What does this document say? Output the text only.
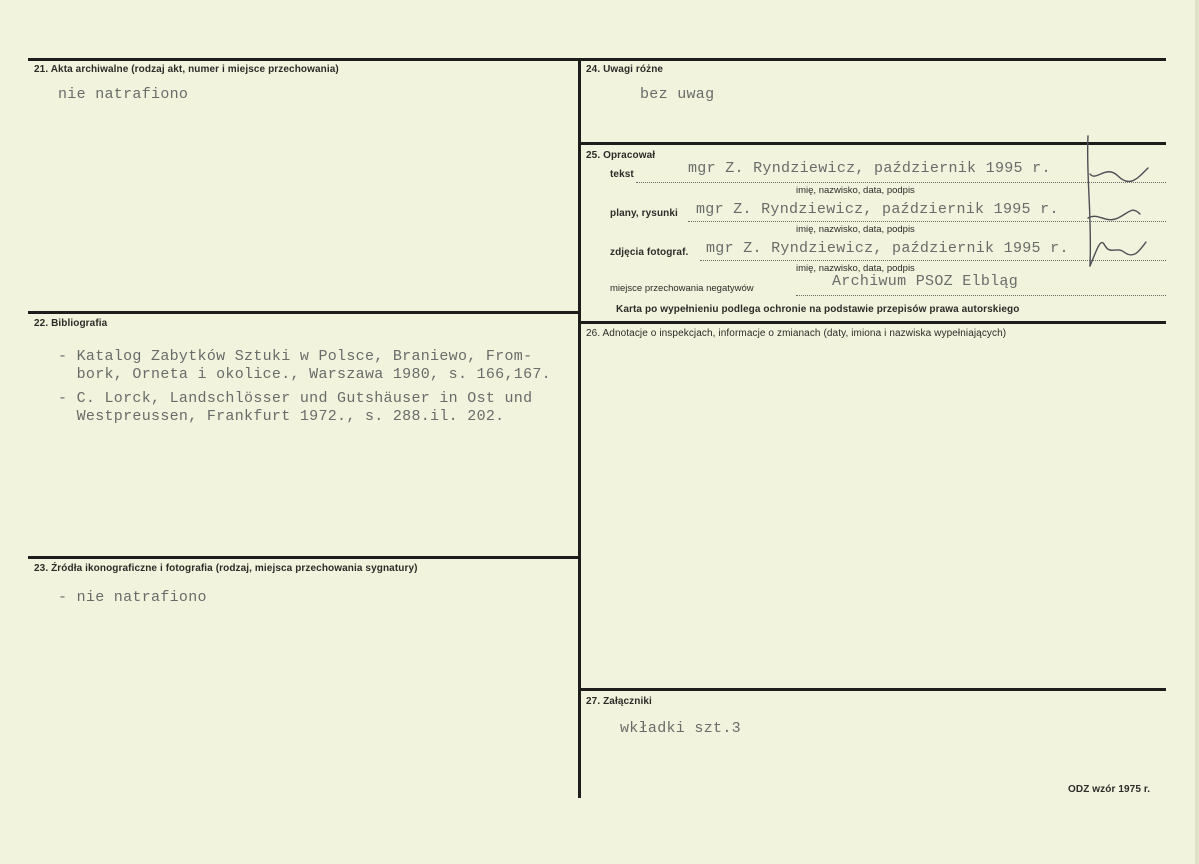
21. Akta archiwalne (rodzaj akt, numer i miejsce przechowania)
nie natrafiono
22. Bibliografia
- Katalog Zabytków Sztuki w Polsce, Braniewo, From-
bork, Orneta i okolice., Warszawa 1980, s. 166,167.
- C. Lorck, Landschlösser und Gutshäuser in Ost und
Westpreussen, Frankfurt 1972., s. 288.il. 202.
23. Źródła ikonograficzne i fotografia (rodzaj, miejsca przechowania sygnatury)
- nie natrafiono
24. Uwagi różne
bez uwag
25. Opracował
tekst	mgr Z. Ryndziewicz, październik 1995 r.
imię, nazwisko, data, podpis
plany, rysunki mgr Z. Ryndziewicz, październik 1995 r.
imię, nazwisko, data, podpis
zdjęcia fotograf. mgr Z. Ryndziewicz, październik 1995 r.
imię, nazwisko, data, podpis
miejsce przechowania negatywów	Archiwum PSOZ Elbląg
Karta po wypełnieniu podlega ochronie na podstawie przepisów prawa autorskiego
26. Adnotacje o inspekcjach, informacje o zmianach (daty, imiona i nazwiska wypełniających)
27. Załączniki
wkładki szt.3
ODZ wzór 1975 r.
